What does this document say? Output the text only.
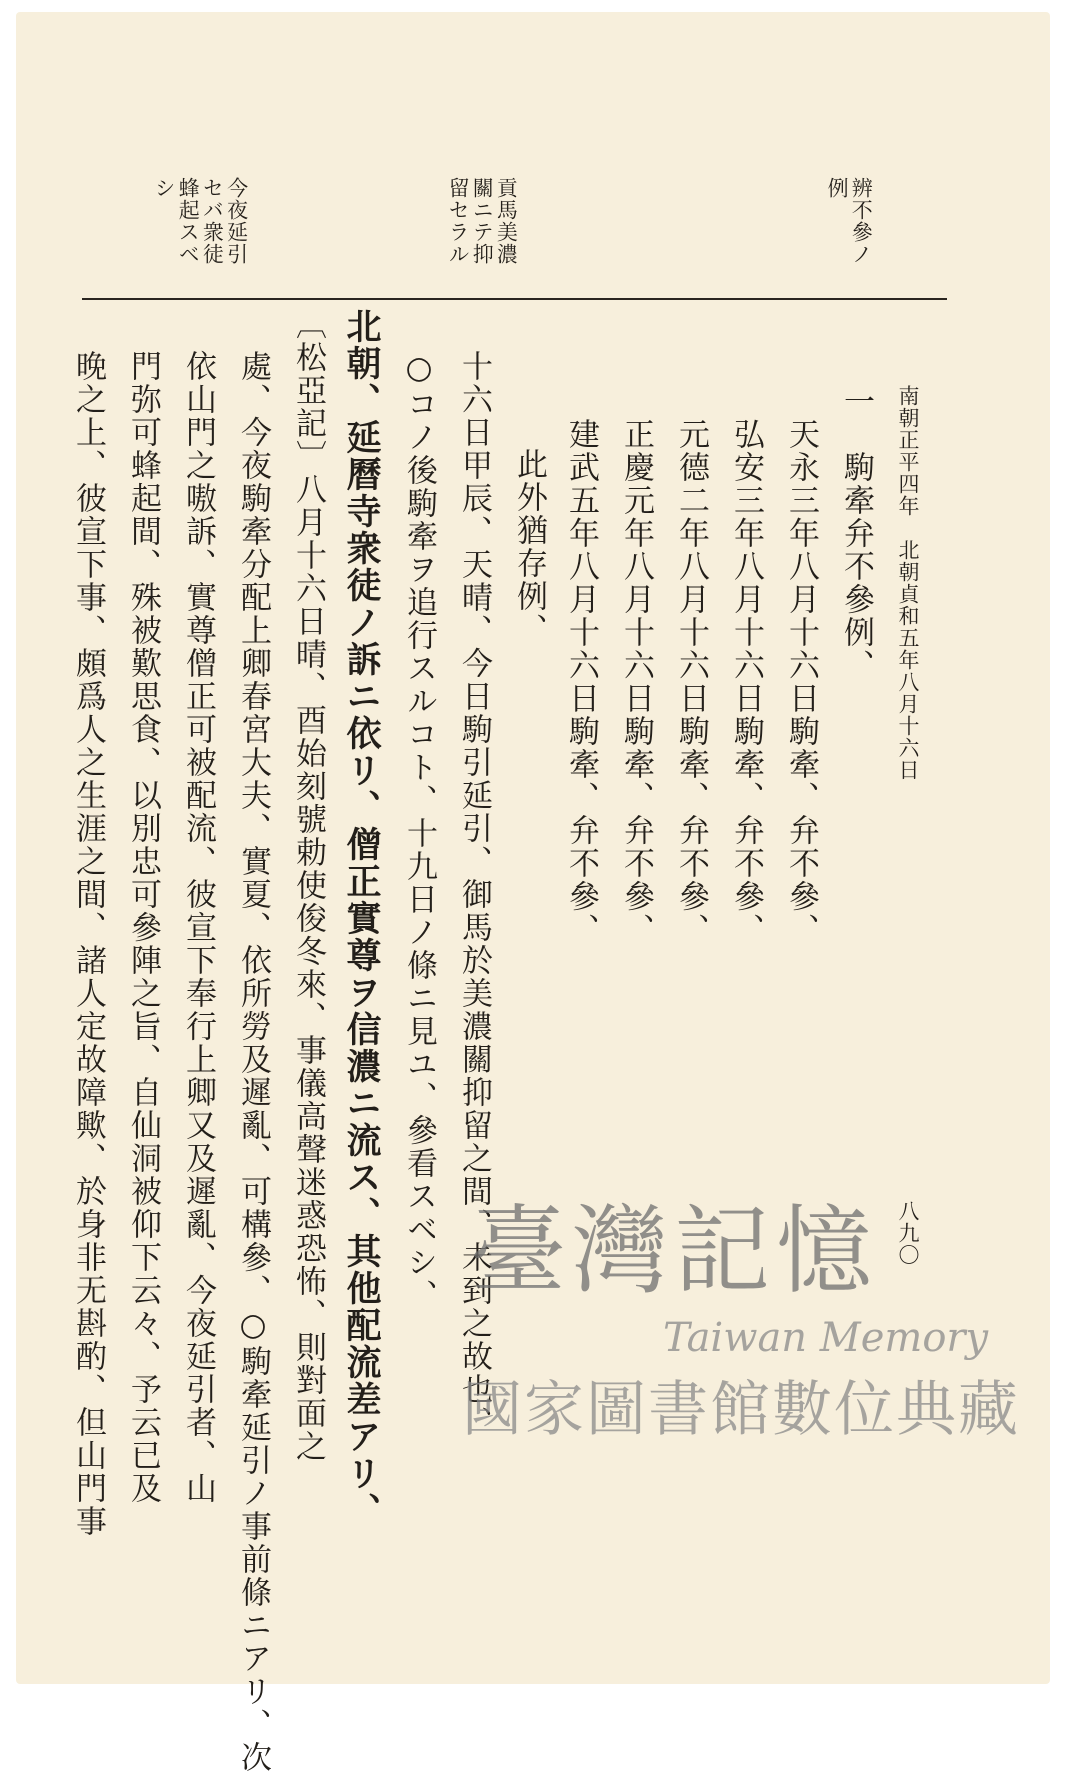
南朝正平四年　北朝貞和五年八月十六日
八九〇
辨不參ノ
例
貢馬美濃
關ニテ抑
留セラル
今夜延引
セバ衆徒
蜂起スベ
シ
一　駒牽弁不參例、
天永三年八月十六日駒牽、弁不參、
弘安三年八月十六日駒牽、弁不參、
元德二年八月十六日駒牽、弁不參、
正慶元年八月十六日駒牽、弁不參、
建武五年八月十六日駒牽、弁不參、
此外猶存例、
十六日甲辰、天晴、今日駒引延引、御馬於美濃關抑留之間、未到之故也、
○コノ後駒牽ヲ追行スルコト、十九日ノ條ニ見ユ、參看スベシ、
北朝、延曆寺衆徒ノ訴ニ依リ、僧正實尊ヲ信濃ニ流ス、其他配流差アリ、
〔松亞記〕八月十六日晴、酉始刻號勅使俊冬來、事儀高聲迷惑恐怖、則對面之
處、今夜駒牽分配上卿春宮大夫、實夏、依所勞及遲亂、可構參、○駒牽延引ノ事前條ニアリ、次
依山門之嗷訴、實尊僧正可被配流、彼宣下奉行上卿又及遲亂、今夜延引者、山
門弥可蜂起間、殊被歎思食、以別忠可參陣之旨、自仙洞被仰下云々、予云已及
晚之上、彼宣下事、頗爲人之生涯之間、諸人定故障歟、於身非无斟酌、但山門事	臺灣記憶
Taiwan Memory
國家圖書館數位典藏
